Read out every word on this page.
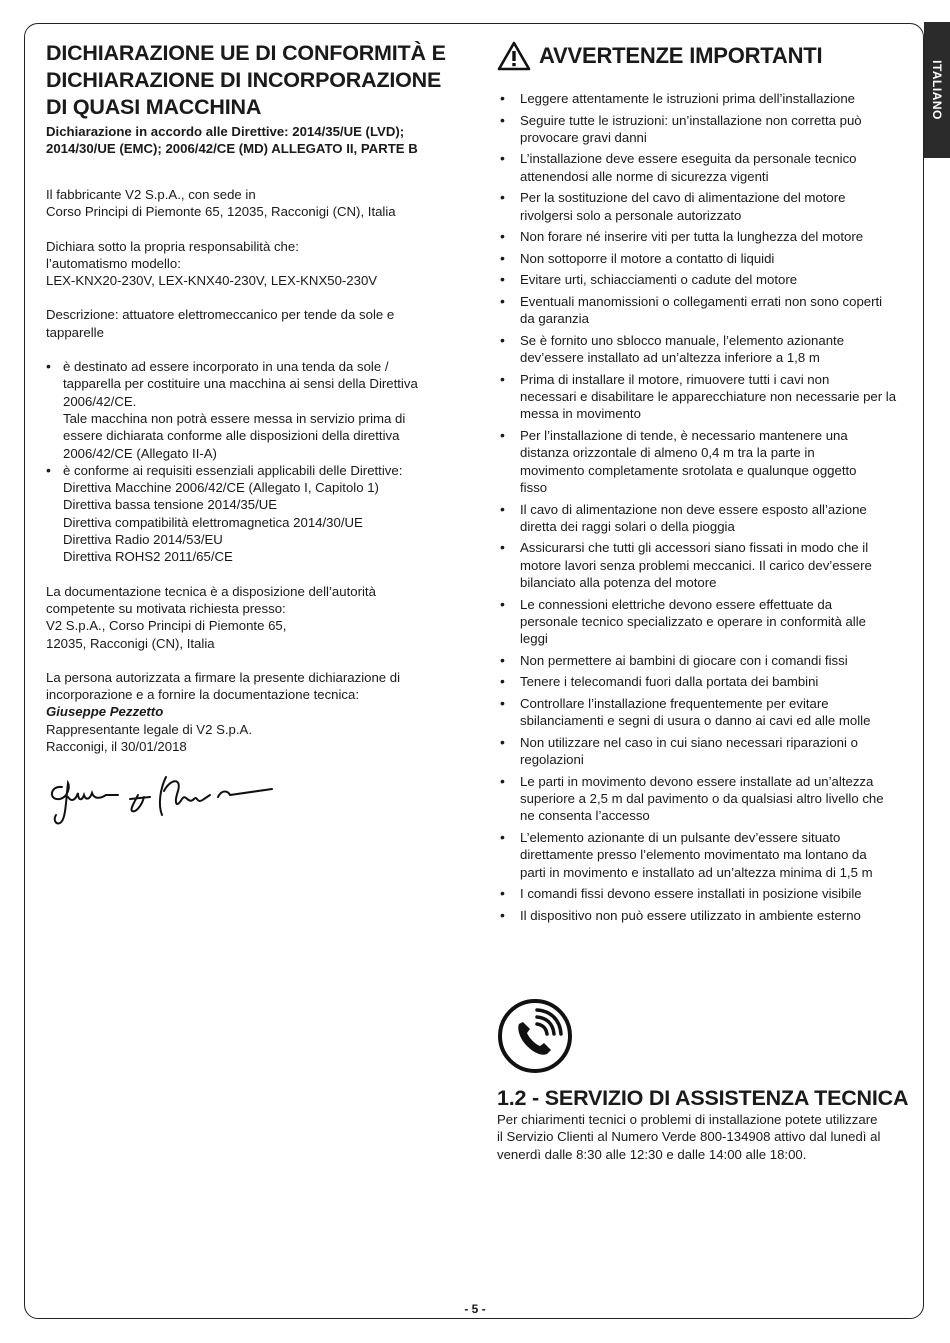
ITALIANO
DICHIARAZIONE UE DI CONFORMITÀ E
DICHIARAZIONE DI INCORPORAZIONE
DI QUASI MACCHINA
Dichiarazione in accordo alle Direttive: 2014/35/UE (LVD);
2014/30/UE (EMC); 2006/42/CE (MD) ALLEGATO II, PARTE B

Il fabbricante V2 S.p.A., con sede in
Corso Principi di Piemonte 65, 12035, Racconigi (CN), Italia

Dichiara sotto la propria responsabilità che:
l’automatismo modello:
LEX-KNX20-230V, LEX-KNX40-230V, LEX-KNX50-230V

Descrizione: attuatore elettromeccanico per tende da sole e
tapparelle

• è destinato ad essere incorporato in una tenda da sole /
tapparella per costituire una macchina ai sensi della Direttiva
2006/42/CE.
Tale macchina non potrà essere messa in servizio prima di
essere dichiarata conforme alle disposizioni della direttiva
2006/42/CE (Allegato II-A)
• è conforme ai requisiti essenziali applicabili delle Direttive:
Direttiva Macchine 2006/42/CE (Allegato I, Capitolo 1)
Direttiva bassa tensione 2014/35/UE
Direttiva compatibilità elettromagnetica 2014/30/UE
Direttiva Radio 2014/53/EU
Direttiva ROHS2 2011/65/CE

La documentazione tecnica è a disposizione dell’autorità
competente su motivata richiesta presso:
V2 S.p.A., Corso Principi di Piemonte 65,
12035, Racconigi (CN), Italia

La persona autorizzata a firmare la presente dichiarazione di
incorporazione e a fornire la documentazione tecnica:
Giuseppe Pezzetto
Rappresentante legale di V2 S.p.A.
Racconigi, il 30/01/2018

AVVERTENZE IMPORTANTI
• Leggere attentamente le istruzioni prima dell’installazione
• Seguire tutte le istruzioni: un’installazione non corretta può
provocare gravi danni
• L’installazione deve essere eseguita da personale tecnico
attenendosi alle norme di sicurezza vigenti
• Per la sostituzione del cavo di alimentazione del motore
rivolgersi solo a personale autorizzato
• Non forare né inserire viti per tutta la lunghezza del motore
• Non sottoporre il motore a contatto di liquidi
• Evitare urti, schiacciamenti o cadute del motore
• Eventuali manomissioni o collegamenti errati non sono coperti
da garanzia
• Se è fornito uno sblocco manuale, l’elemento azionante
dev’essere installato ad un’altezza inferiore a 1,8 m
• Prima di installare il motore, rimuovere tutti i cavi non
necessari e disabilitare le apparecchiature non necessarie per la
messa in movimento
• Per l’installazione di tende, è necessario mantenere una
distanza orizzontale di almeno 0,4 m tra la parte in
movimento completamente srotolata e qualunque oggetto
fisso
• Il cavo di alimentazione non deve essere esposto all’azione
diretta dei raggi solari o della pioggia
• Assicurarsi che tutti gli accessori siano fissati in modo che il
motore lavori senza problemi meccanici. Il carico dev’essere
bilanciato alla potenza del motore
• Le connessioni elettriche devono essere effettuate da
personale tecnico specializzato e operare in conformità alle
leggi
• Non permettere ai bambini di giocare con i comandi fissi
• Tenere i telecomandi fuori dalla portata dei bambini
• Controllare l’installazione frequentemente per evitare
sbilanciamenti e segni di usura o danno ai cavi ed alle molle
• Non utilizzare nel caso in cui siano necessari riparazioni o
regolazioni
• Le parti in movimento devono essere installate ad un’altezza
superiore a 2,5 m dal pavimento o da qualsiasi altro livello che
ne consenta l’accesso
• L’elemento azionante di un pulsante dev’essere situato
direttamente presso l’elemento movimentato ma lontano da
parti in movimento e installato ad un’altezza minima di 1,5 m
• I comandi fissi devono essere installati in posizione visibile
• Il dispositivo non può essere utilizzato in ambiente esterno
1.2 - SERVIZIO DI ASSISTENZA TECNICA

Per chiarimenti tecnici o problemi di installazione potete utilizzare
il Servizio Clienti al Numero Verde 800-134908 attivo dal lunedì al
venerdì dalle 8:30 alle 12:30 e dalle 14:00 alle 18:00.

- 5 -
